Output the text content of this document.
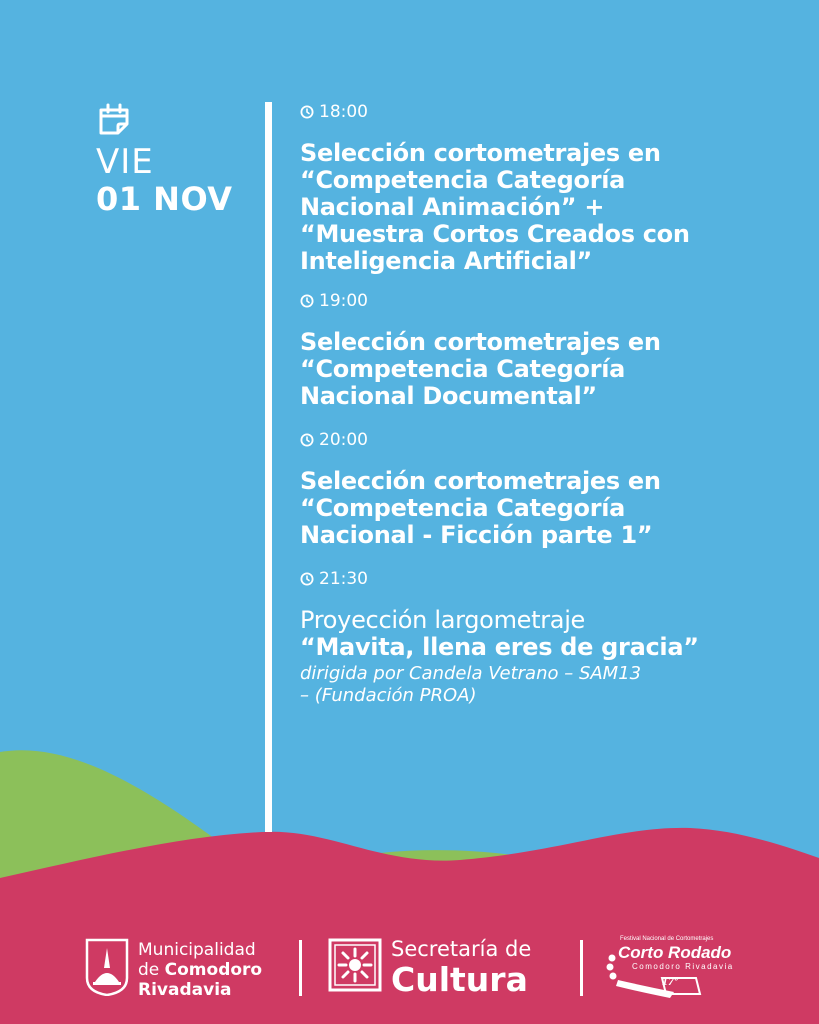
VIE
01 NOV
18:00
Selección cortometrajes en
“Competencia Categoría
Nacional Animación” +
“Muestra Cortos Creados con
Inteligencia Artificial”
19:00
Selección cortometrajes en
“Competencia Categoría
Nacional Documental”
20:00
Selección cortometrajes en
“Competencia Categoría
Nacional - Ficción parte 1”
21:30
Proyección largometraje
“Mavita, llena eres de gracia”
dirigida por Candela Vetrano – SAM13
– (Fundación PROA)
Municipalidad
de Comodoro
Rivadavia
Secretaría de
Cultura
Festival Nacional de Cortometrajes
Corto Rodado
Comodoro Rivadavia
17º
